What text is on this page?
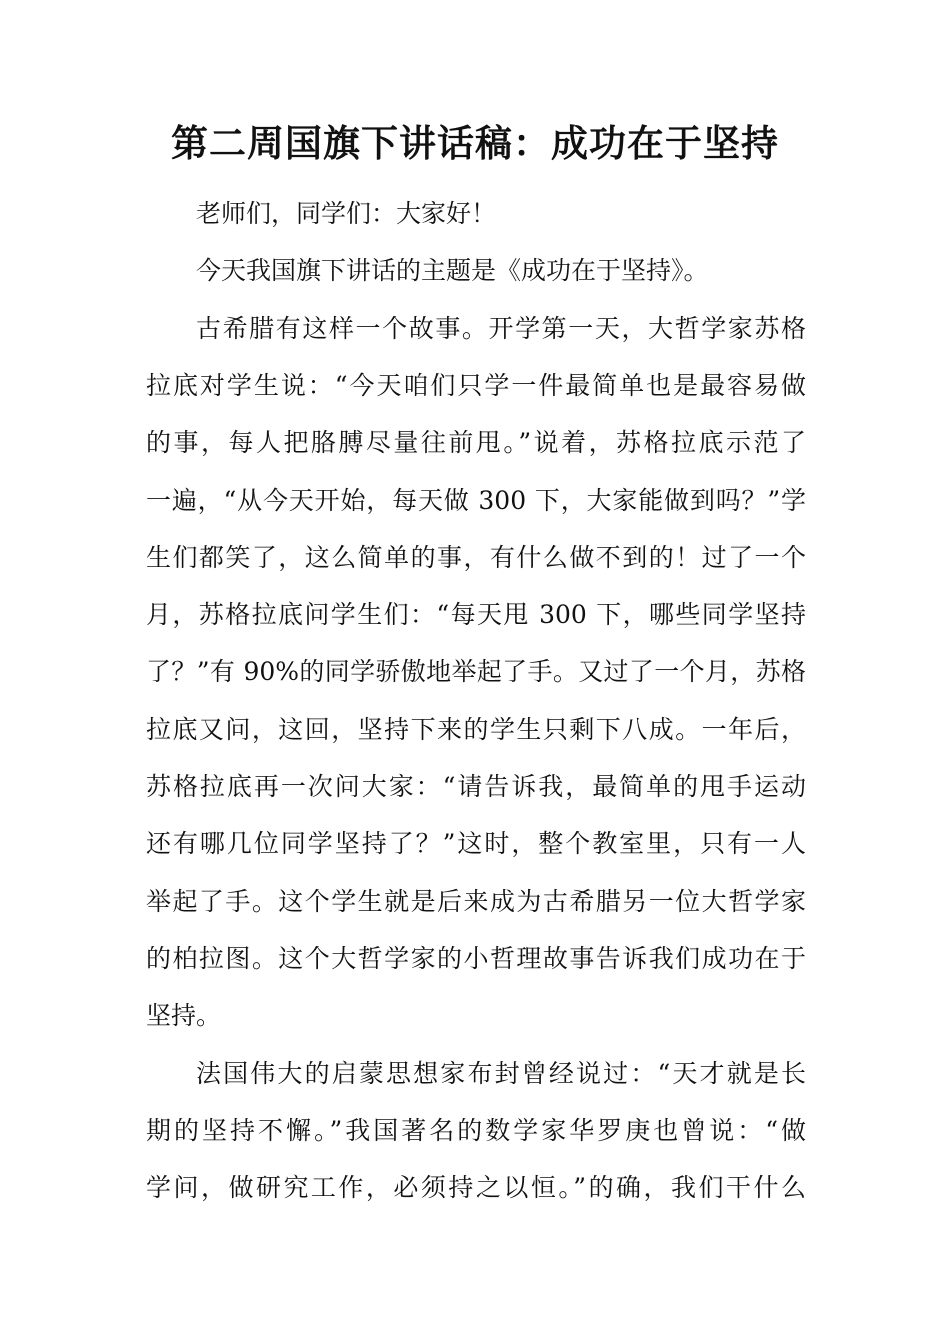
第二周国旗下讲话稿：成功在于坚持

老师们，同学们：大家好！

今天我国旗下讲话的主题是《成功在于坚持》。

古希腊有这样一个故事。开学第一天，大哲学家苏格

拉底对学生说：“今天咱们只学一件最简单也是最容易做

的事，每人把胳膊尽量往前甩。”说着，苏格拉底示范了

一遍，“从今天开始，每天做 300 下，大家能做到吗？”学

生们都笑了，这么简单的事，有什么做不到的！过了一个

月，苏格拉底问学生们：“每天甩 300 下，哪些同学坚持

了？”有 90%的同学骄傲地举起了手。又过了一个月，苏格

拉底又问，这回，坚持下来的学生只剩下八成。一年后，

苏格拉底再一次问大家：“请告诉我，最简单的甩手运动

还有哪几位同学坚持了？”这时，整个教室里，只有一人

举起了手。这个学生就是后来成为古希腊另一位大哲学家

的柏拉图。这个大哲学家的小哲理故事告诉我们成功在于

坚持。

法国伟大的启蒙思想家布封曾经说过：“天才就是长

期的坚持不懈。”我国著名的数学家华罗庚也曾说：“做

学问，做研究工作，必须持之以恒。”的确，我们干什么
